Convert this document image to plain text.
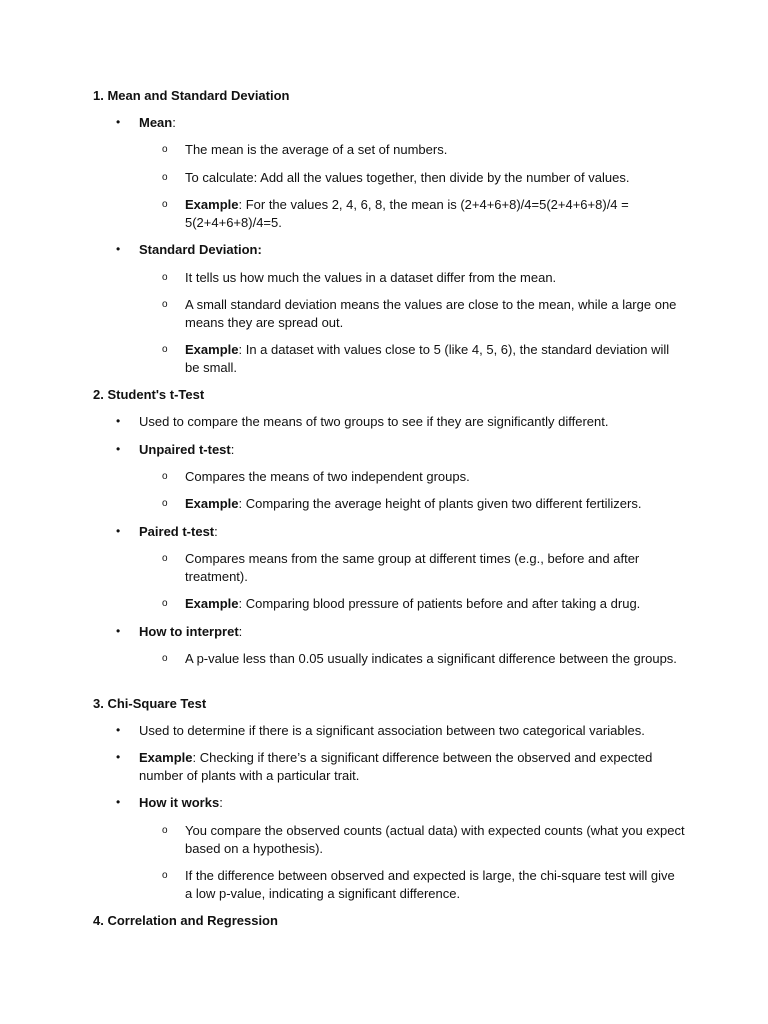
1. Mean and Standard Deviation
• Mean:
o The mean is the average of a set of numbers.
o To calculate: Add all the values together, then divide by the number of values.
o Example: For the values 2, 4, 6, 8, the mean is (2+4+6+8)/4=5(2+4+6+8)/4 = 5(2+4+6+8)/4=5.
• Standard Deviation:
o It tells us how much the values in a dataset differ from the mean.
o A small standard deviation means the values are close to the mean, while a large one means they are spread out.
o Example: In a dataset with values close to 5 (like 4, 5, 6), the standard deviation will be small.
2. Student's t-Test
• Used to compare the means of two groups to see if they are significantly different.
• Unpaired t-test:
o Compares the means of two independent groups.
o Example: Comparing the average height of plants given two different fertilizers.
• Paired t-test:
o Compares means from the same group at different times (e.g., before and after treatment).
o Example: Comparing blood pressure of patients before and after taking a drug.
• How to interpret:
o A p-value less than 0.05 usually indicates a significant difference between the groups.
3. Chi-Square Test
• Used to determine if there is a significant association between two categorical variables.
• Example: Checking if there’s a significant difference between the observed and expected number of plants with a particular trait.
• How it works:
o You compare the observed counts (actual data) with expected counts (what you expect based on a hypothesis).
o If the difference between observed and expected is large, the chi-square test will give a low p-value, indicating a significant difference.
4. Correlation and Regression
